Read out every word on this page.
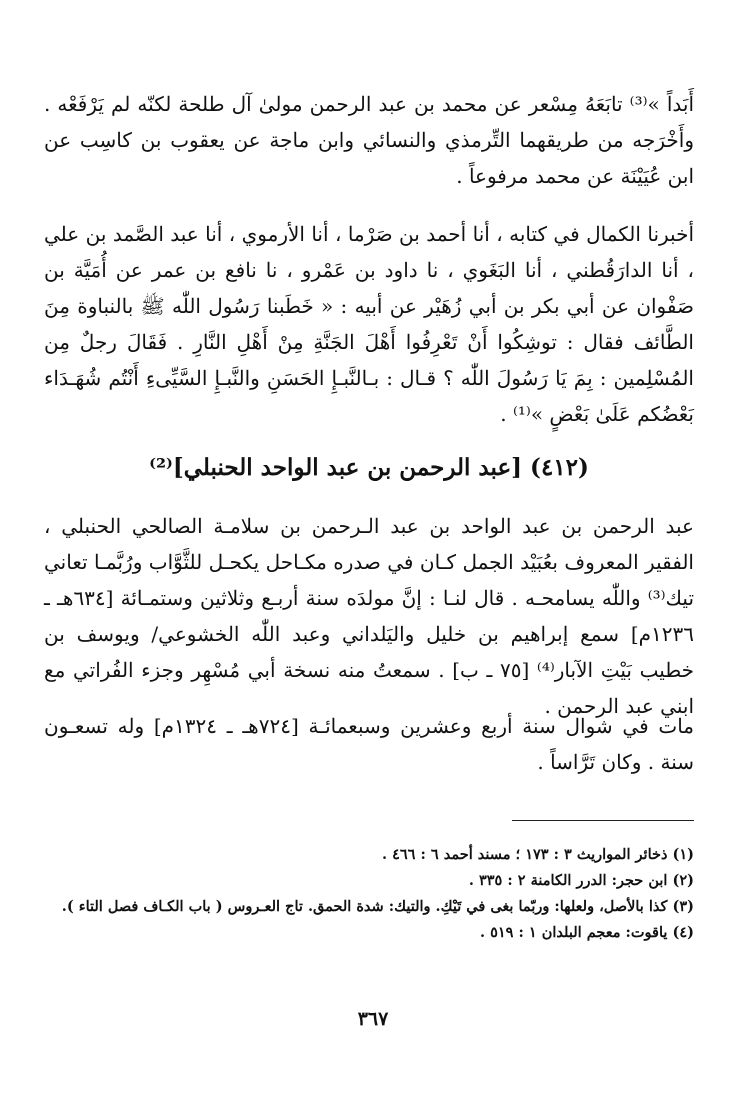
أَبَداً »⁽³⁾ تابَعَهُ مِسْعر عن محمد بن عبد الرحمن مولىٰ آل طلحة لكنّه لم يَرْفَعْه . وأَخْرَجه من طريقهما التِّرمذي والنسائي وابن ماجة عن يعقوب بن كاسِب عن ابن عُيَيْنَة عن محمد مرفوعاً .

أخبرنا الكمال في كتابه ، أنا أحمد بن صَرْما ، أنا الأرموي ، أنا عبد الصَّمد بن علي ، أنا الدارَقُطني ، أنا البَغَوي ، نا داود بن عَمْرو ، نا نافع بن عمر عن أُمَيَّة بن صَفْوان عن أبي بكر بن أبي زُهَيْر عن أبيه : « خَطَبنا رَسُول اللّٰه ﷺ بالنباوة مِنَ الطَّائف فقال : توشِكُوا أَنْ تَعْرِفُوا أَهْلَ الجَنَّةِ مِنْ أَهْلِ النَّارِ . فَقَالَ رجلٌ مِن المُسْلِمين : بِمَ يَا رَسُولَ اللّٰه ؟ قـال : بـالنَّبـإِ الحَسَنِ والنَّبـإِ السَّيِّىءِ أَنْتُم شُهَـدَاء بَعْضُكم عَلَىٰ بَعْضٍ »⁽¹⁾ .

(٤١٢) [عبد الرحمن بن عبد الواحد الحنبلي]⁽²⁾

عبد الرحمن بن عبد الواحد بن عبد الـرحمن بن سلامـة الصالحي الحنبلي ، الفقير المعروف بعُبَيْد الجمل كـان في صدره مكـاحل يكحـل للثَّوَّاب ورُبَّمـا تعاني تيك⁽³⁾ واللّٰه يسامحـه . قال لنـا : إنَّ مولدَه سنة أربـع وثلاثين وستمـائة [٦٣٤هـ ـ ١٢٣٦م] سمع إبراهيم بن خليل واليَلداني وعبد اللّٰه الخشوعي/ ويوسف بن خطيب بَيْتِ الآبار⁽⁴⁾ [٧٥ ـ ب] . سمعتُ منه نسخة أبي مُسْهِر وجزء الفُراتي مع ابني عبد الرحمن .

مات في شوال سنة أربع وعشرين وسبعمائـة [٧٢٤هـ ـ ١٣٢٤م] وله تسعـون سنة . وكان تَرَّاساً .

(١) ذخائر المواريث ٣ : ١٧٣ ؛ مسند أحمد ٦ : ٤٦٦ .
(٢) ابن حجر: الدرر الكامنة ٢ : ٣٣٥ .
(٣) كذا بالأصل، ولعلها: وربّما بغى في تَيْكِ. والتيك: شدة الحمق. تاج العـروس ( باب الكـاف فصل التاء ).
(٤) ياقوت: معجم البلدان ١ : ٥١٩ .
٣٦٧
